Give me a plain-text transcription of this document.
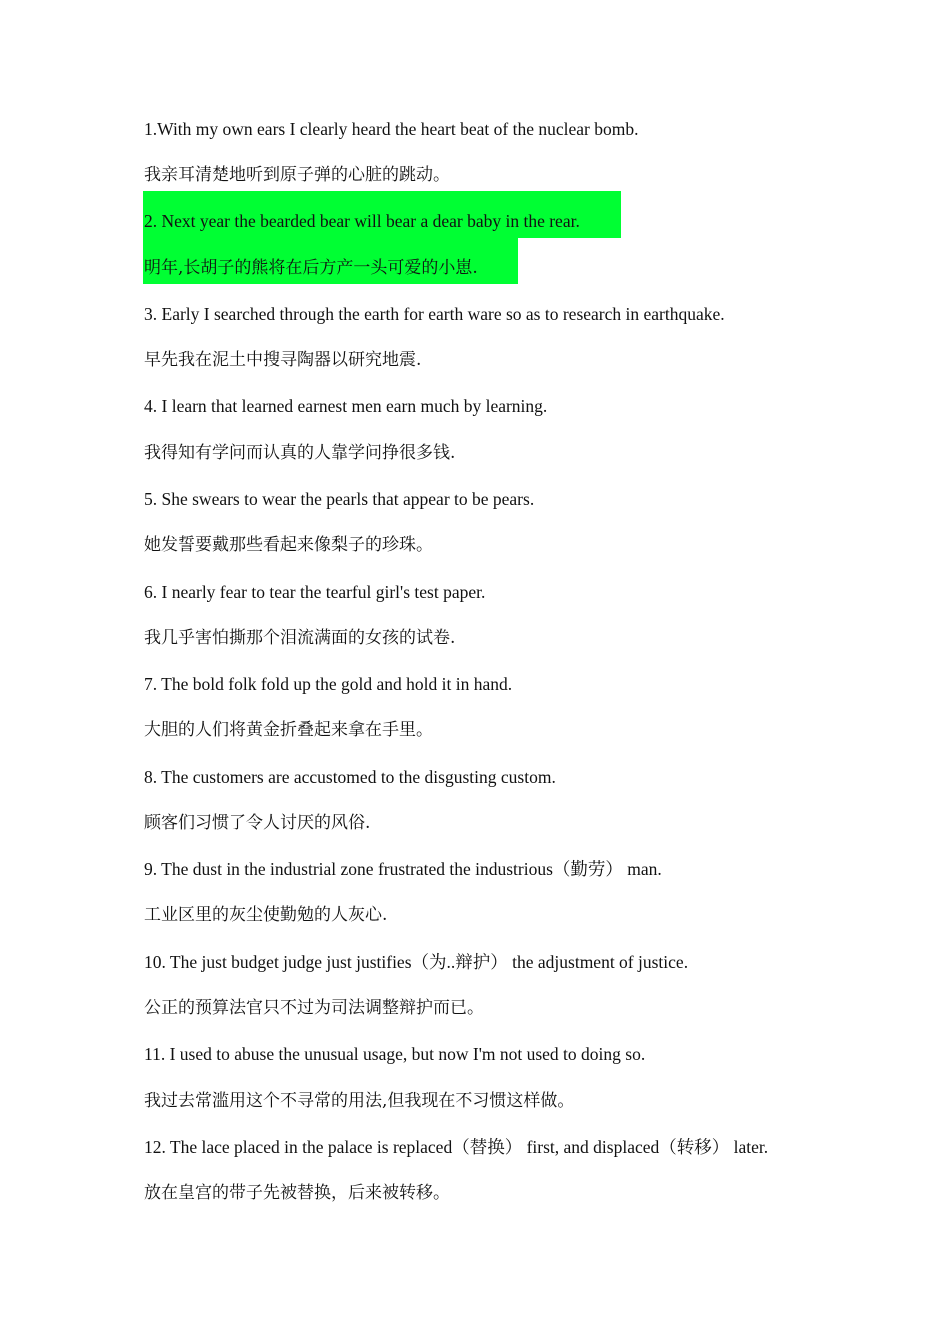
1.With my own ears I clearly heard the heart beat of the nuclear bomb.
我亲耳清楚地听到原子弹的心脏的跳动。
2. Next year the bearded bear will bear a dear baby in the rear.
明年,长胡子的熊将在后方产一头可爱的小崽.
3. Early I searched through the earth for earth ware so as to research in earthquake.
早先我在泥土中搜寻陶器以研究地震.
4. I learn that learned earnest men earn much by learning.
我得知有学问而认真的人靠学问挣很多钱.
5. She swears to wear the pearls that appear to be pears.
她发誓要戴那些看起来像梨子的珍珠。
6. I nearly fear to tear the tearful girl's test paper.
我几乎害怕撕那个泪流满面的女孩的试卷.
7. The bold folk fold up the gold and hold it in hand.
大胆的人们将黄金折叠起来拿在手里。
8. The customers are accustomed to the disgusting custom.
顾客们习惯了令人讨厌的风俗.
9. The dust in the industrial zone frustrated the industrious（勤劳） man.
工业区里的灰尘使勤勉的人灰心.
10. The just budget judge just justifies（为..辩护） the adjustment of justice.
公正的预算法官只不过为司法调整辩护而已。
11. I used to abuse the unusual usage, but now I'm not used to doing so.
我过去常滥用这个不寻常的用法,但我现在不习惯这样做。
12. The lace placed in the palace is replaced（替换） first, and displaced（转移） later.
放在皇宫的带子先被替换，后来被转移。
